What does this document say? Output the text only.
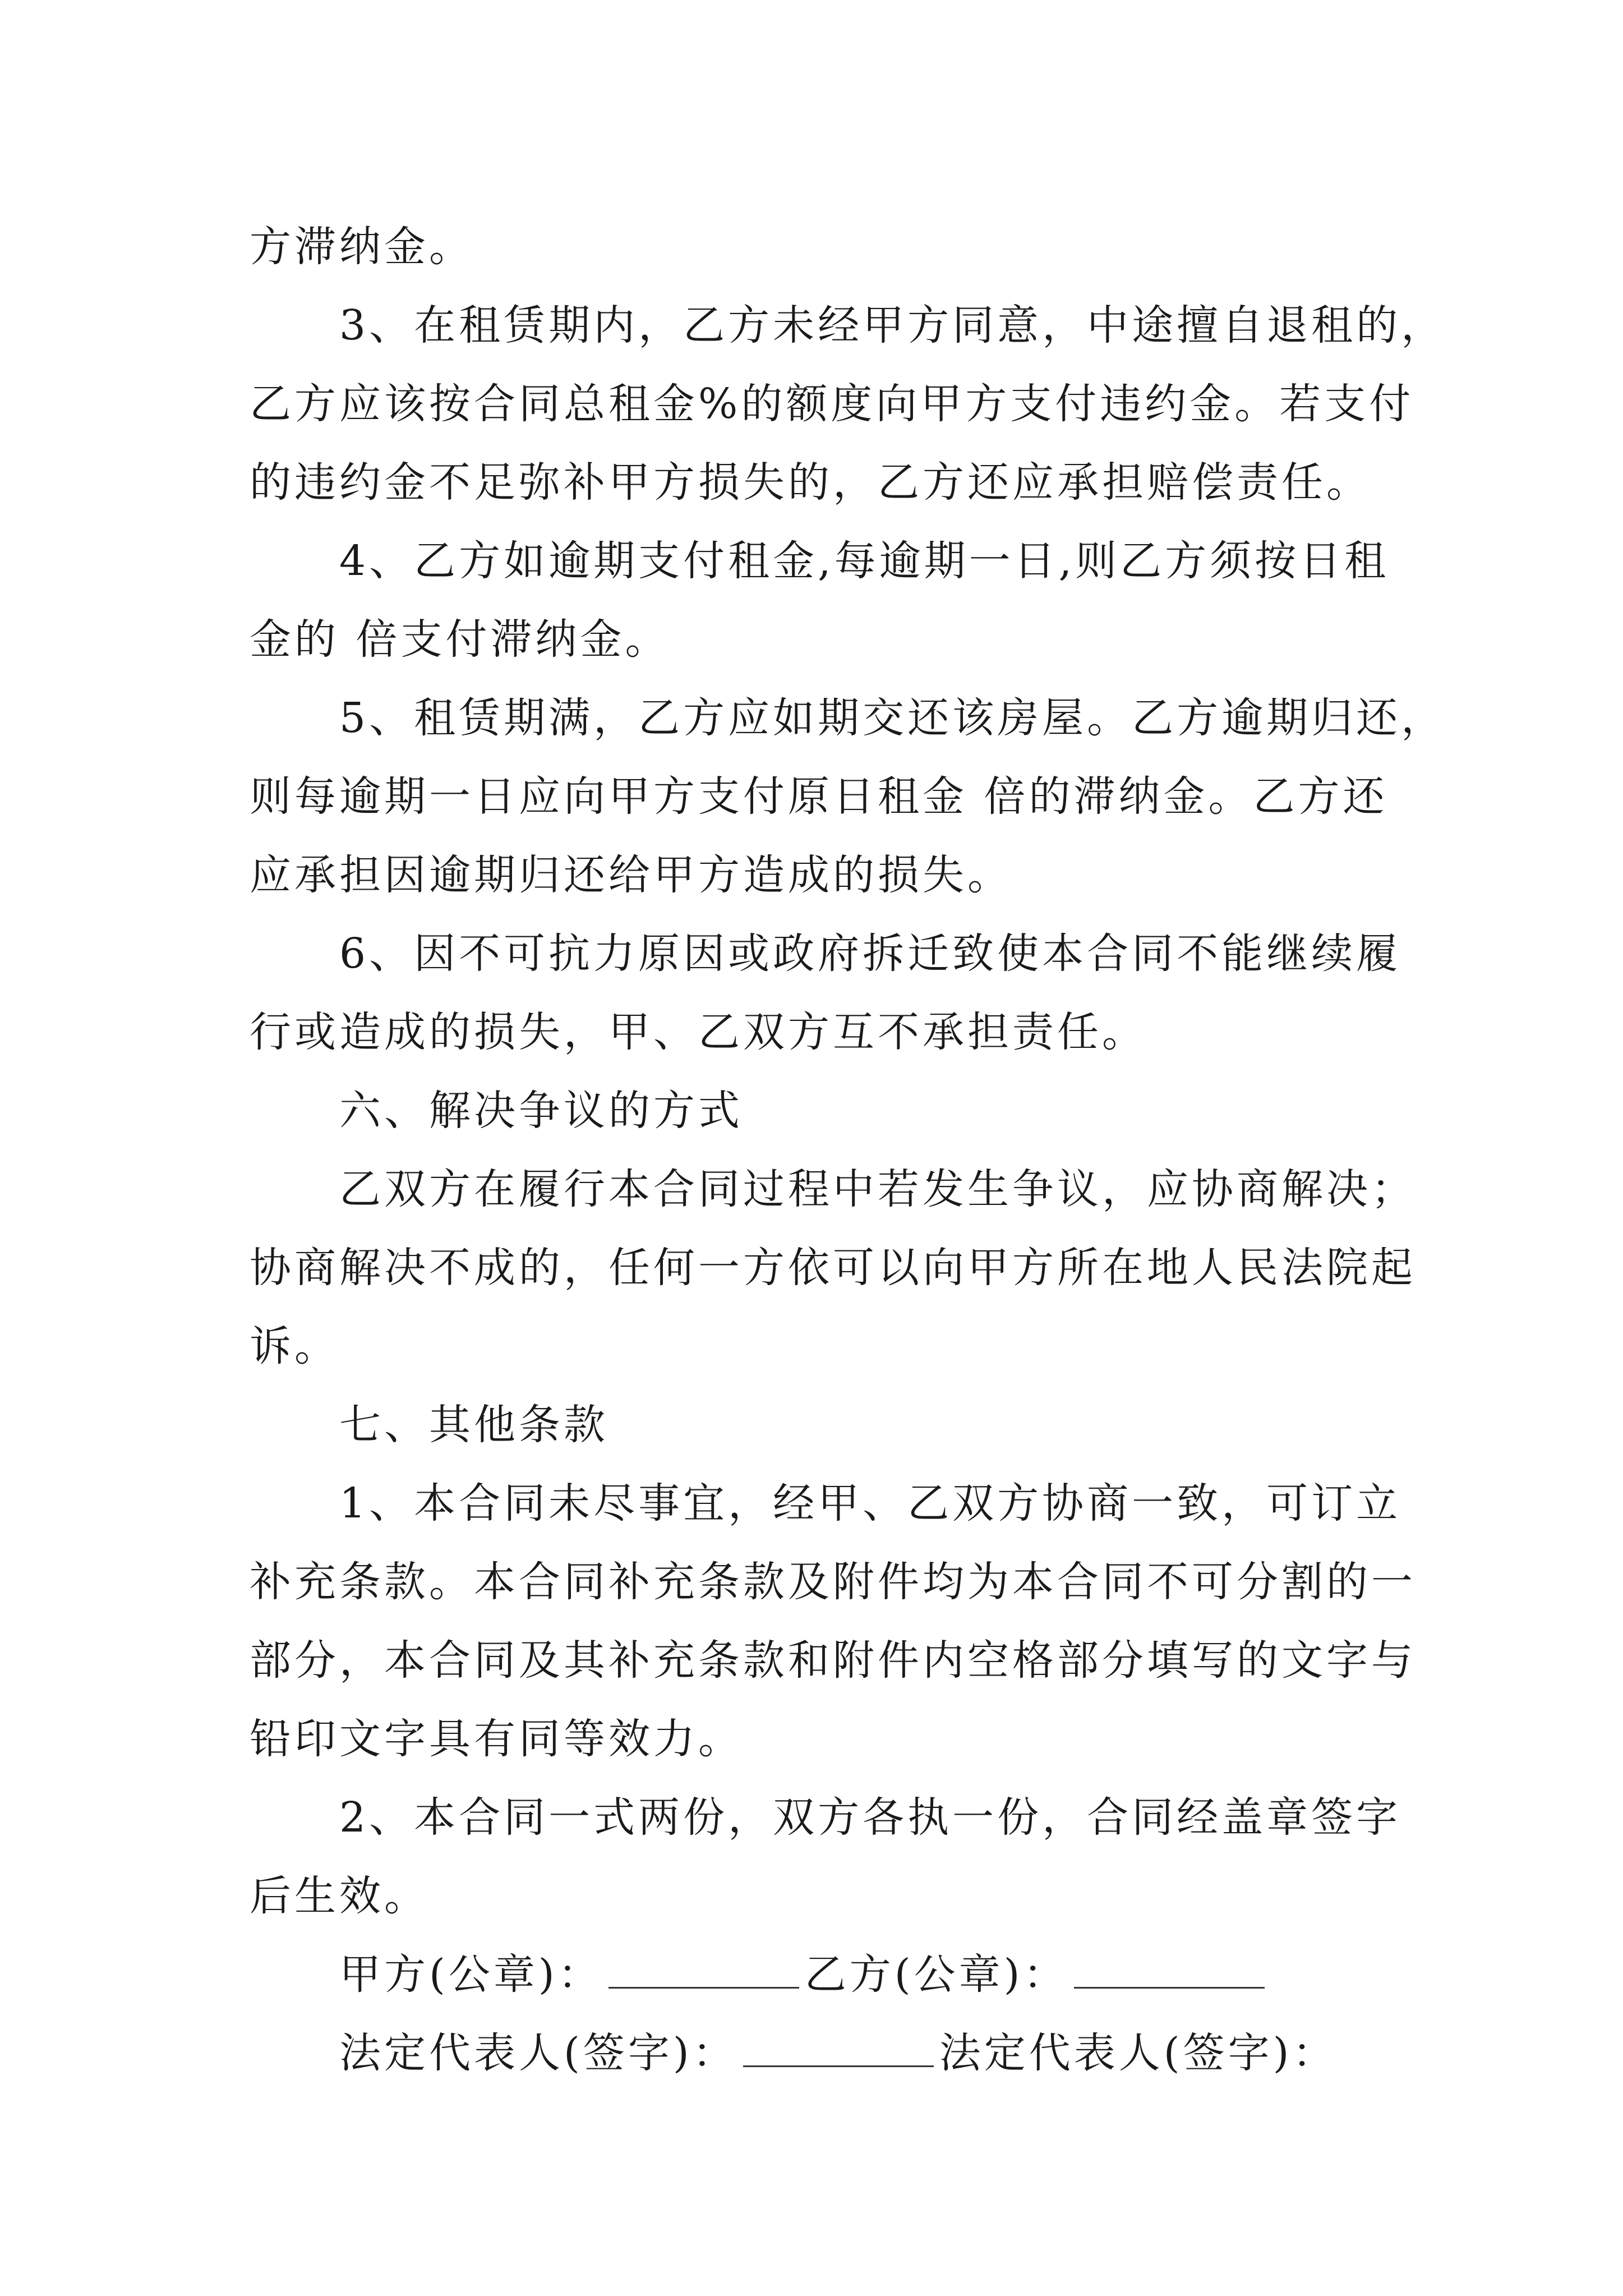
方滞纳金。
3、在租赁期内，乙方未经甲方同意，中途擅自退租的，
乙方应该按合同总租金%的额度向甲方支付违约金。若支付
的违约金不足弥补甲方损失的，乙方还应承担赔偿责任。
4、乙方如逾期支付租金,每逾期一日,则乙方须按日租
金的 倍支付滞纳金。
5、租赁期满，乙方应如期交还该房屋。乙方逾期归还，
则每逾期一日应向甲方支付原日租金 倍的滞纳金。乙方还
应承担因逾期归还给甲方造成的损失。
6、因不可抗力原因或政府拆迁致使本合同不能继续履
行或造成的损失，甲、乙双方互不承担责任。
六、解决争议的方式
乙双方在履行本合同过程中若发生争议，应协商解决；
协商解决不成的，任何一方依可以向甲方所在地人民法院起
诉。
七、其他条款
1、本合同未尽事宜，经甲、乙双方协商一致，可订立
补充条款。本合同补充条款及附件均为本合同不可分割的一
部分，本合同及其补充条款和附件内空格部分填写的文字与
铅印文字具有同等效力。
2、本合同一式两份，双方各执一份，合同经盖章签字
后生效。
甲方(公章)：	乙方(公章)：
法定代表人(签字)：	法定代表人(签字)：
